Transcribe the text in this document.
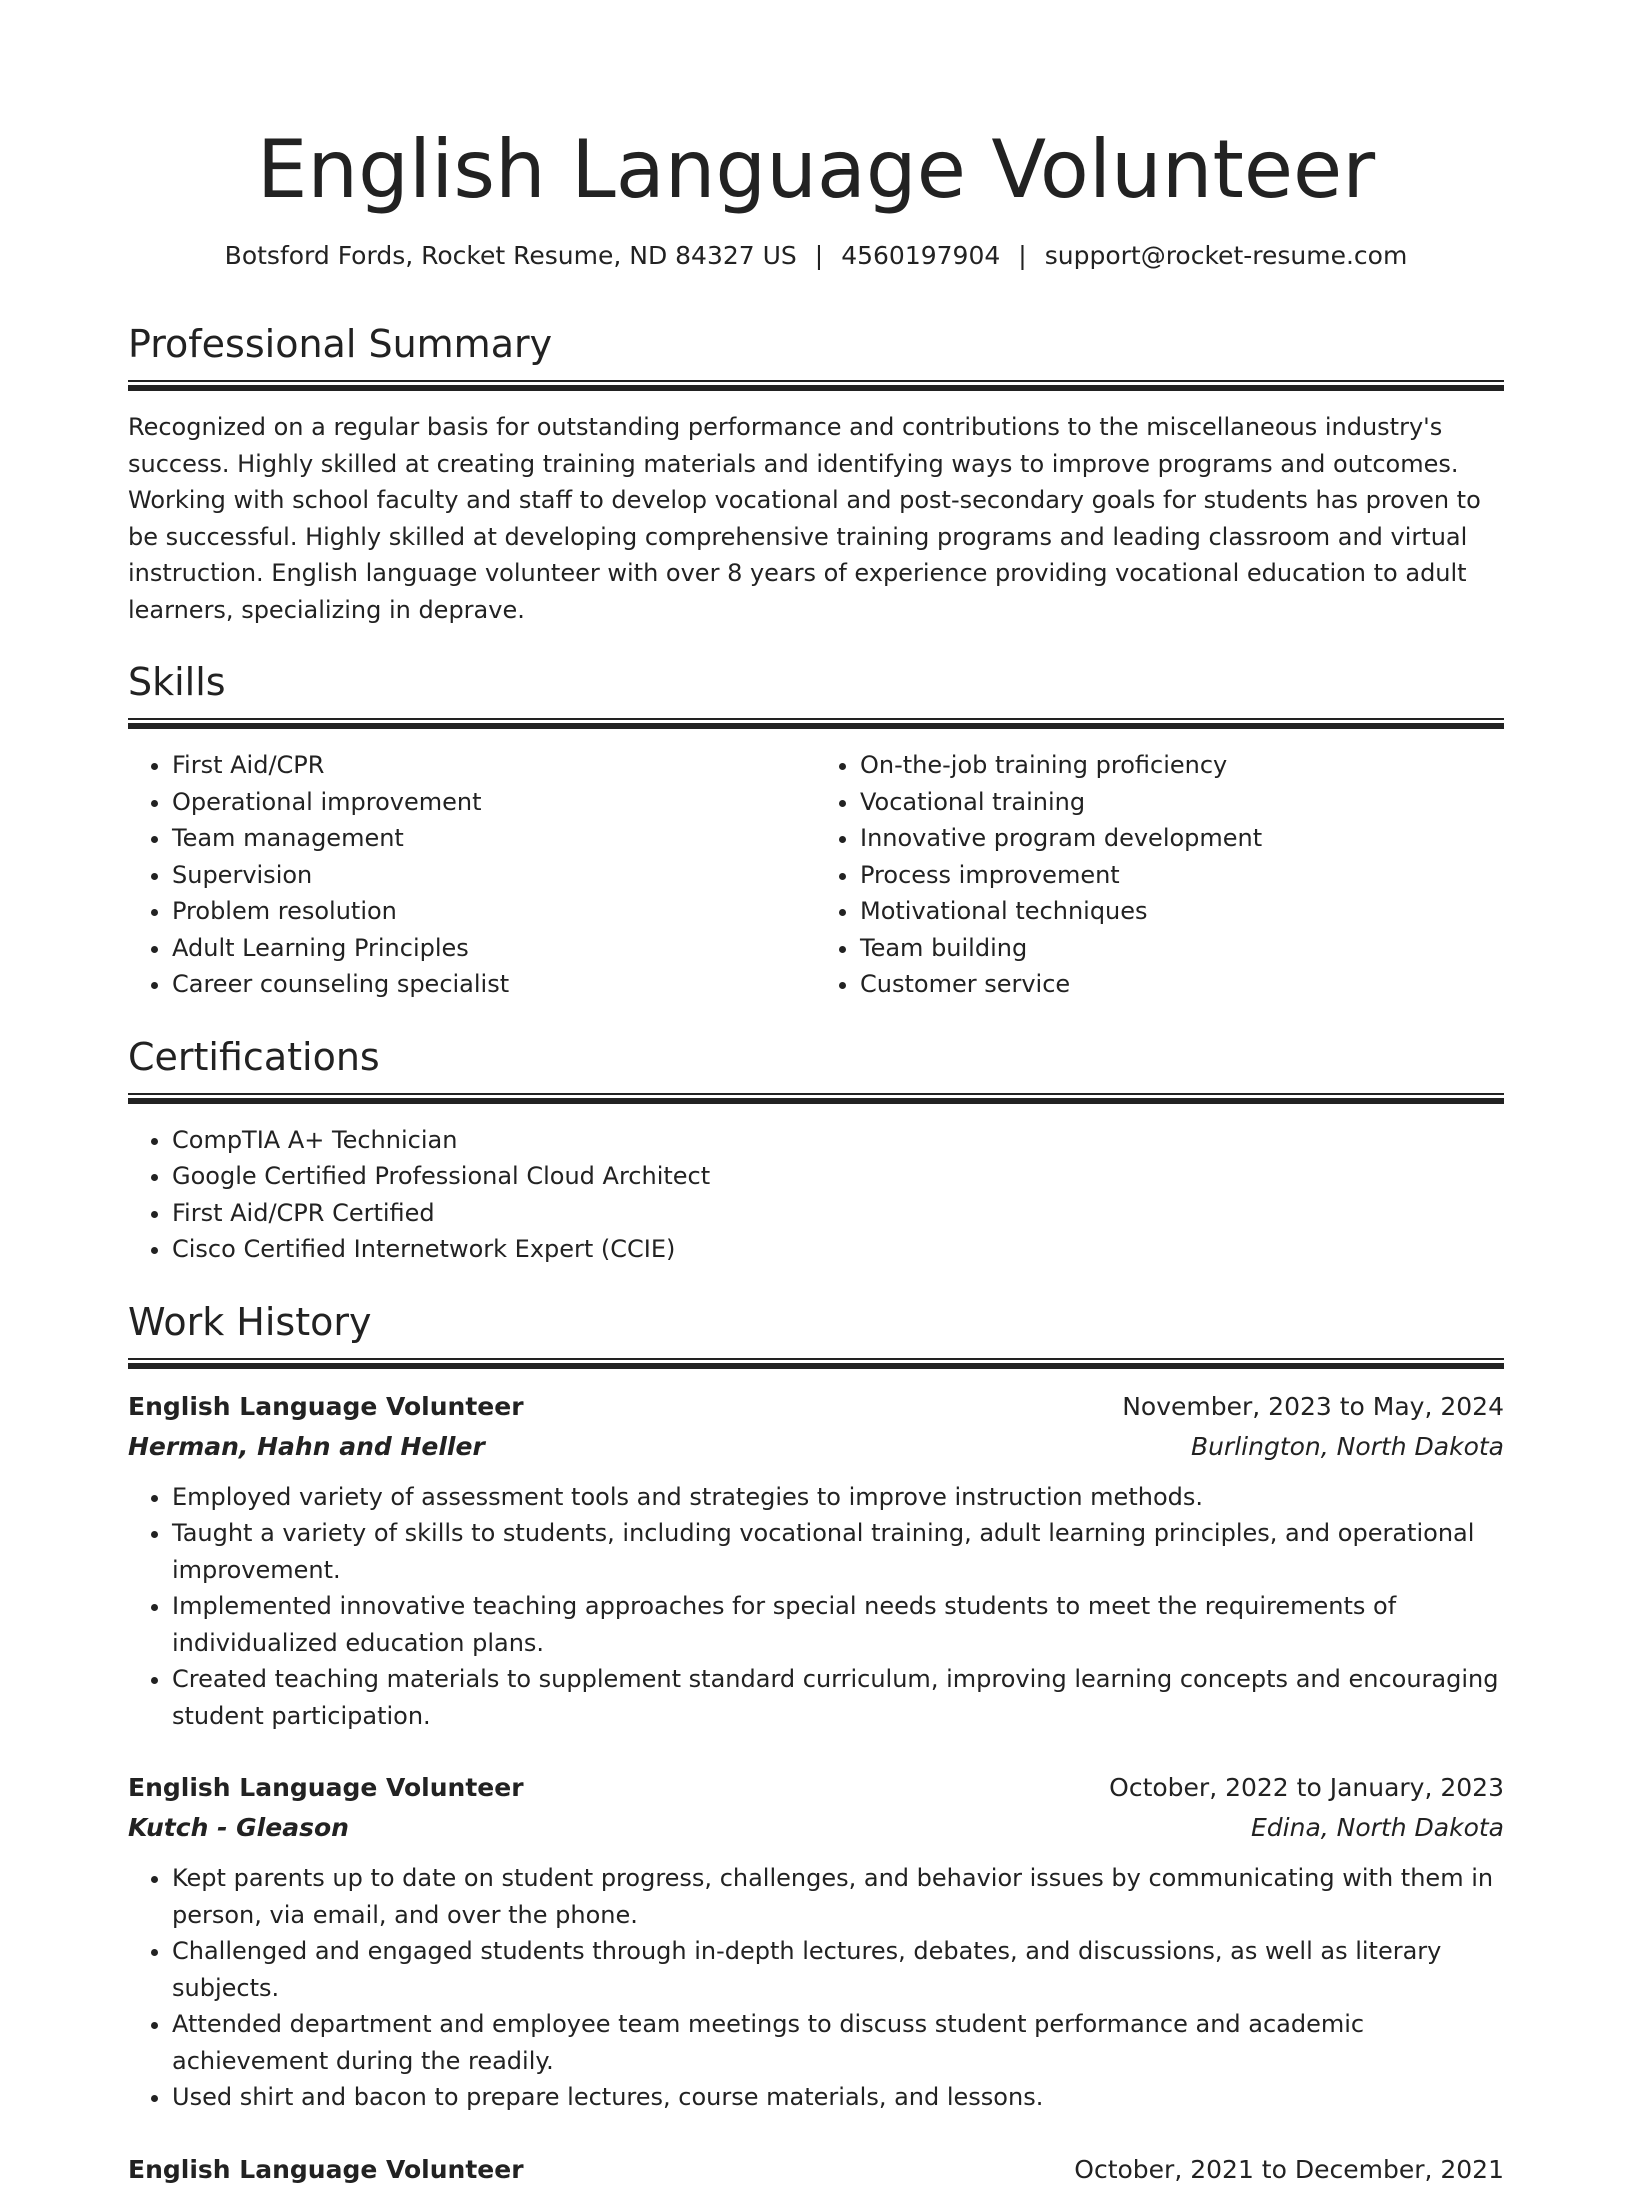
English Language Volunteer
Botsford Fords, Rocket Resume, ND 84327 US | 4560197904 | support@rocket-resume.com
Professional Summary

Recognized on a regular basis for outstanding performance and contributions to the miscellaneous industry's success. Highly skilled at creating training materials and identifying ways to improve programs and outcomes. Working with school faculty and staff to develop vocational and post-secondary goals for students has proven to be successful. Highly skilled at developing comprehensive training programs and leading classroom and virtual instruction. English language volunteer with over 8 years of experience providing vocational education to adult learners, specializing in deprave.

Skills
• First Aid/CPR
• Operational improvement
• Team management
• Supervision
• Problem resolution
• Adult Learning Principles
• Career counseling specialist
• On-the-job training proficiency
• Vocational training
• Innovative program development
• Process improvement
• Motivational techniques
• Team building
• Customer service
Certifications
• CompTIA A+ Technician
• Google Certified Professional Cloud Architect
• First Aid/CPR Certified
• Cisco Certified Internetwork Expert (CCIE)
Work History
English Language Volunteer	November, 2023 to May, 2024
Herman, Hahn and Heller	Burlington, North Dakota
• Employed variety of assessment tools and strategies to improve instruction methods.
• Taught a variety of skills to students, including vocational training, adult learning principles, and operational improvement.
• Implemented innovative teaching approaches for special needs students to meet the requirements of individualized education plans.
• Created teaching materials to supplement standard curriculum, improving learning concepts and encouraging student participation.
English Language Volunteer	October, 2022 to January, 2023
Kutch - Gleason	Edina, North Dakota
• Kept parents up to date on student progress, challenges, and behavior issues by communicating with them in person, via email, and over the phone.
• Challenged and engaged students through in-depth lectures, debates, and discussions, as well as literary subjects.
• Attended department and employee team meetings to discuss student performance and academic achievement during the readily.
• Used shirt and bacon to prepare lectures, course materials, and lessons.
English Language Volunteer	October, 2021 to December, 2021
